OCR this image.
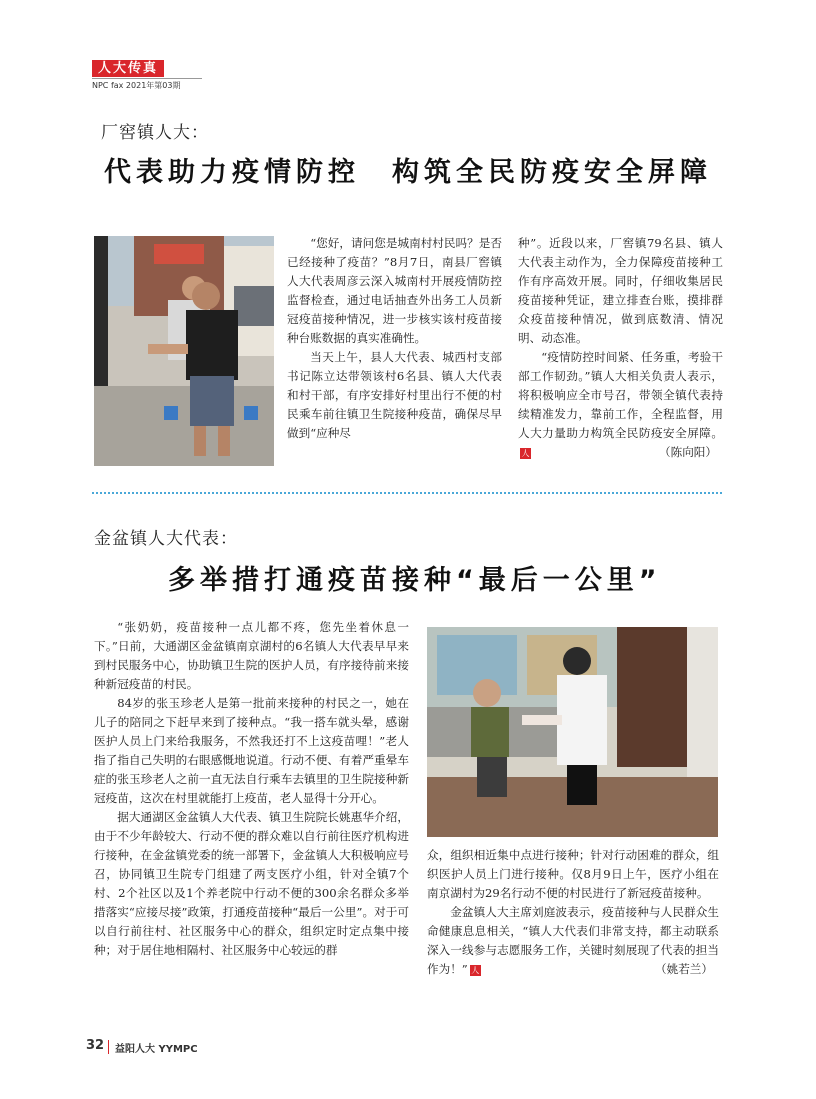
人大传真
NPC fax 2021年第03期
厂窖镇人大：
代表助力疫情防控　构筑全民防疫安全屏障

“您好，请问您是城南村村民吗？是否已经接种了疫苗？”8月7日，南县厂窖镇人大代表周彦云深入城南村开展疫情防控监督检查，通过电话抽查外出务工人员新冠疫苗接种情况，进一步核实该村疫苗接种台账数据的真实准确性。

当天上午，县人大代表、城西村支部书记陈立达带领该村6名县、镇人大代表和村干部，有序安排好村里出行不便的村民乘车前往镇卫生院接种疫苗，确保尽早做到“应种尽

种”。近段以来，厂窖镇79名县、镇人大代表主动作为，全力保障疫苗接种工作有序高效开展。同时，仔细收集居民疫苗接种凭证，建立排查台账，摸排群众疫苗接种情况，做到底数清、情况明、动态准。

“疫情防控时间紧、任务重，考验干部工作韧劲。”镇人大相关负责人表示，将积极响应全市号召，带领全镇代表持续精准发力，靠前工作，全程监督，用人大力量助力构筑全民防疫安全屏障。人	（陈向阳）

金盆镇人大代表：
多举措打通疫苗接种“最后一公里”

“张奶奶，疫苗接种一点儿都不疼，您先坐着休息一下。”日前，大通湖区金盆镇南京湖村的6名镇人大代表早早来到村民服务中心，协助镇卫生院的医护人员，有序接待前来接种新冠疫苗的村民。

84岁的张玉珍老人是第一批前来接种的村民之一，她在儿子的陪同之下赶早来到了接种点。“我一搭车就头晕，感谢医护人员上门来给我服务，不然我还打不上这疫苗哩！”老人指了指自己失明的右眼感慨地说道。行动不便、有着严重晕车症的张玉珍老人之前一直无法自行乘车去镇里的卫生院接种新冠疫苗，这次在村里就能打上疫苗，老人显得十分开心。

据大通湖区金盆镇人大代表、镇卫生院院长姚惠华介绍，由于不少年龄较大、行动不便的群众难以自行前往医疗机构进行接种，在金盆镇党委的统一部署下，金盆镇人大积极响应号召，协同镇卫生院专门组建了两支医疗小组，针对全镇7个村、2个社区以及1个养老院中行动不便的300余名群众多举措落实“应接尽接”政策，打通疫苗接种“最后一公里”。对于可以自行前往村、社区服务中心的群众，组织定时定点集中接种；对于居住地相隔村、社区服务中心较远的群

众，组织相近集中点进行接种；针对行动困难的群众，组织医护人员上门进行接种。仅8月9日上午，医疗小组在南京湖村为29名行动不便的村民进行了新冠疫苗接种。

金盆镇人大主席刘庭波表示，疫苗接种与人民群众生命健康息息相关，“镇人大代表们非常支持，都主动联系深入一线参与志愿服务工作，关键时刻展现了代表的担当作为！” 人	（姚若兰）

32 益阳人大 YYMPC
